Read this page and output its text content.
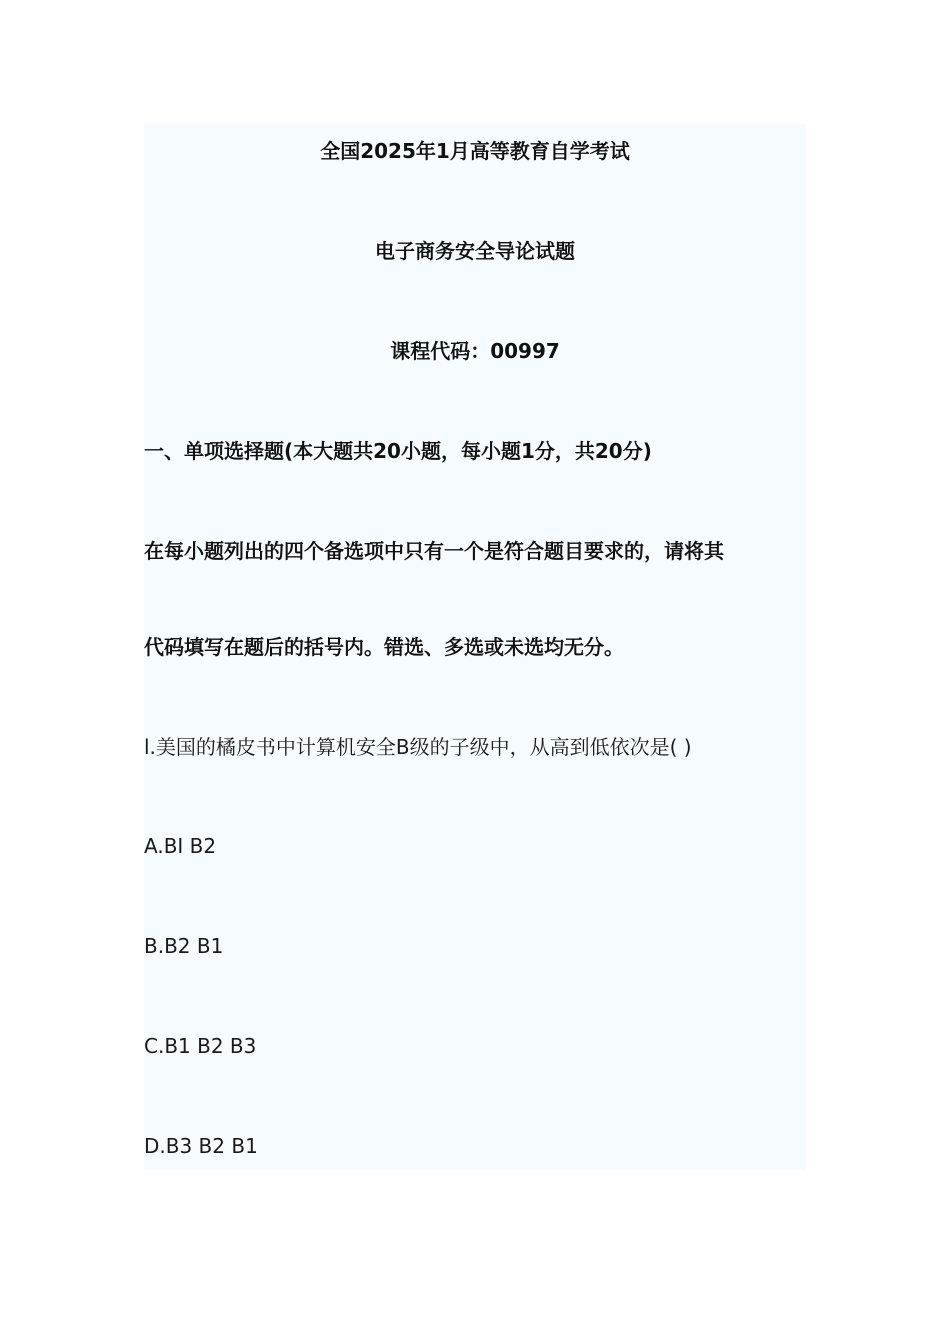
全国2025年1月高等教育自学考试
电子商务安全导论试题
课程代码：00997
一、单项选择题(本大题共20小题，每小题1分，共20分)
在每小题列出的四个备选项中只有一个是符合题目要求的，请将其
代码填写在题后的括号内。错选、多选或未选均无分。
l.美国的橘皮书中计算机安全B级的子级中，从高到低依次是( )
A.BI B2
B.B2 B1
C.B1 B2 B3
D.B3 B2 B1
